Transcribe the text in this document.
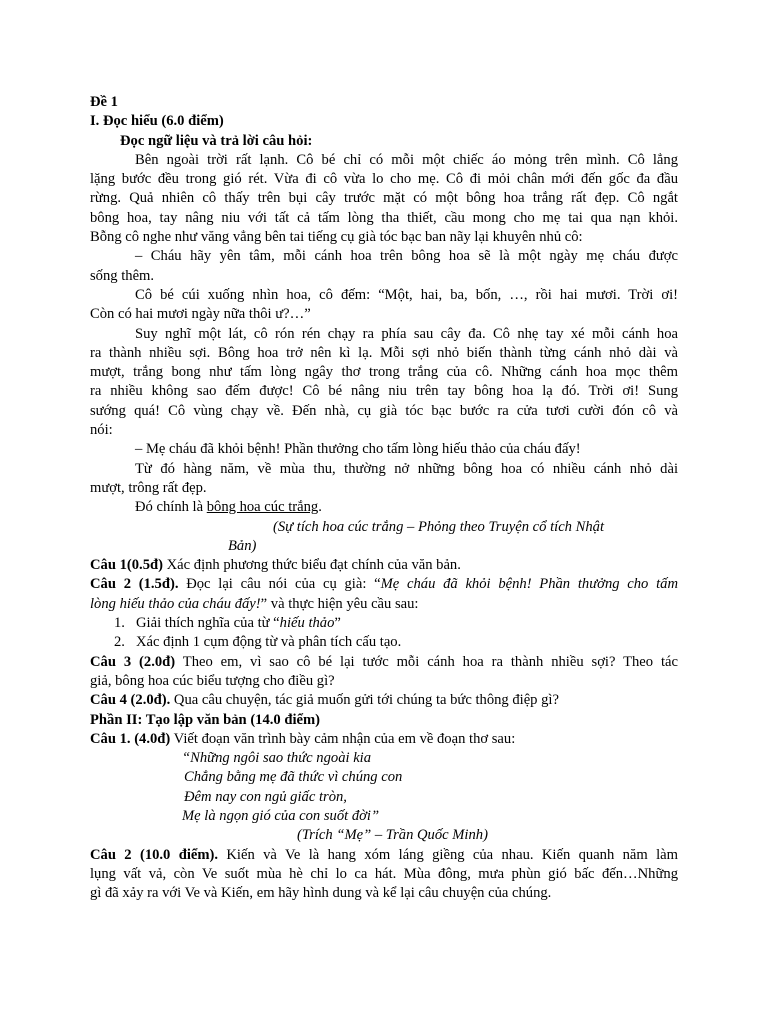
Đề 1
I. Đọc hiểu (6.0 điểm)
Đọc ngữ liệu và trả lời câu hỏi:
Bên ngoài trời rất lạnh. Cô bé chỉ có mỗi một chiếc áo mỏng trên mình. Cô lẳng
lặng bước đều trong gió rét. Vừa đi cô vừa lo cho mẹ. Cô đi mỏi chân mới đến gốc đa đầu
rừng. Quả nhiên cô thấy trên bụi cây trước mặt có một bông hoa trắng rất đẹp. Cô ngắt
bông hoa, tay nâng niu với tất cả tấm lòng tha thiết, cầu mong cho mẹ tai qua nạn khỏi.
Bỗng cô nghe như văng vẳng bên tai tiếng cụ già tóc bạc ban nãy lại khuyên nhủ cô:
– Cháu hãy yên tâm, mỗi cánh hoa trên bông hoa sẽ là một ngày mẹ cháu được
sống thêm.
Cô bé cúi xuống nhìn hoa, cô đếm: “Một, hai, ba, bốn, …, rồi hai mươi. Trời ơi!
Còn có hai mươi ngày nữa thôi ư?…”
Suy nghĩ một lát, cô rón rén chạy ra phía sau cây đa. Cô nhẹ tay xé mỗi cánh hoa
ra thành nhiều sợi. Bông hoa trở nên kì lạ. Mỗi sợi nhỏ biến thành từng cánh nhỏ dài và
mượt, trắng bong như tấm lòng ngây thơ trong trắng của cô. Những cánh hoa mọc thêm
ra nhiều không sao đếm được! Cô bé nâng niu trên tay bông hoa lạ đó. Trời ơi! Sung
sướng quá! Cô vùng chạy về. Đến nhà, cụ già tóc bạc bước ra cửa tươi cười đón cô và
nói:
– Mẹ cháu đã khỏi bệnh! Phần thưởng cho tấm lòng hiếu thảo của cháu đấy!
Từ đó hàng năm, về mùa thu, thường nở những bông hoa có nhiều cánh nhỏ dài
mượt, trông rất đẹp.
Đó chính là bông hoa cúc trắng.
(Sự tích hoa cúc trắng – Phỏng theo Truyện cổ tích Nhật
Bản)
Câu 1(0.5đ) Xác định phương thức biểu đạt chính của văn bản.
Câu 2 (1.5đ). Đọc lại câu nói của cụ già: “Mẹ cháu đã khỏi bệnh! Phần thưởng cho tấm
lòng hiếu thảo của cháu đấy!” và thực hiện yêu cầu sau:
1. Giải thích nghĩa của từ “hiếu thảo”
2. Xác định 1 cụm động từ và phân tích cấu tạo.
Câu 3 (2.0đ) Theo em, vì sao cô bé lại tước mỗi cánh hoa ra thành nhiều sợi? Theo tác
giả, bông hoa cúc biểu tượng cho điều gì?
Câu 4 (2.0đ). Qua câu chuyện, tác giả muốn gửi tới chúng ta bức thông điệp gì?
Phần II: Tạo lập văn bản (14.0 điểm)
Câu 1. (4.0đ) Viết đoạn văn trình bày cảm nhận của em về đoạn thơ sau:
“Những ngôi sao thức ngoài kia
Chẳng bằng mẹ đã thức vì chúng con
Đêm nay con ngủ giấc tròn,
Mẹ là ngọn gió của con suốt đời”
(Trích “Mẹ” – Trần Quốc Minh)
Câu 2 (10.0 điểm). Kiến và Ve là hang xóm láng giềng của nhau. Kiến quanh năm làm
lụng vất vả, còn Ve suốt mùa hè chỉ lo ca hát. Mùa đông, mưa phùn gió bấc đến…Những
gì đã xảy ra với Ve và Kiến, em hãy hình dung và kể lại câu chuyện của chúng.
